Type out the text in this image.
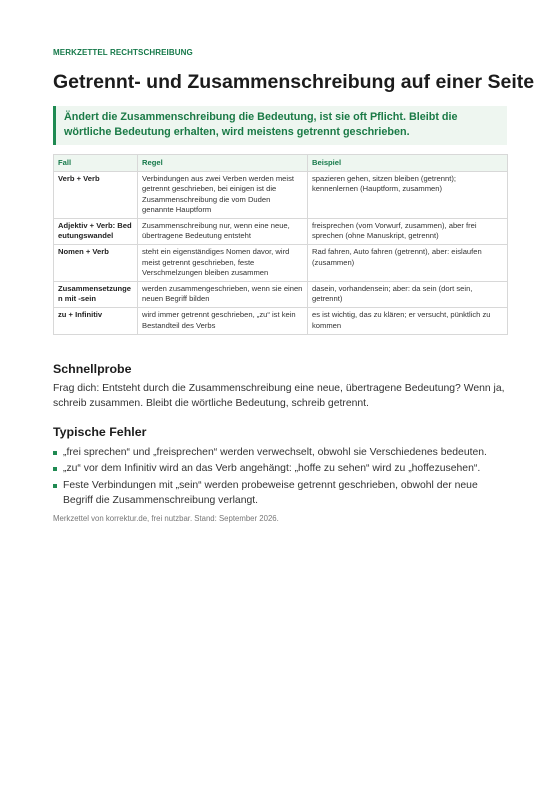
MERKZETTEL RECHTSCHREIBUNG
Getrennt- und Zusammenschreibung auf einer Seite
Ändert die Zusammenschreibung die Bedeutung, ist sie oft Pflicht. Bleibt die wörtliche Bedeutung erhalten, wird meistens getrennt geschrieben.
Fall	Regel	Beispiel
Verb + Verb	Verbindungen aus zwei Verben werden meist getrennt geschrieben, bei einigen ist die Zusammenschreibung die vom Duden genannte Hauptform	spazieren gehen, sitzen bleiben (getrennt); kennenlernen (Hauptform, zusammen)
Adjektiv + Verb: Bedeutungswandel	Zusammenschreibung nur, wenn eine neue, übertragene Bedeutung entsteht	freisprechen (vom Vorwurf, zusammen), aber frei sprechen (ohne Manuskript, getrennt)
Nomen + Verb	steht ein eigenständiges Nomen davor, wird meist getrennt geschrieben, feste Verschmelzungen bleiben zusammen	Rad fahren, Auto fahren (getrennt), aber: eislaufen (zusammen)
Zusammensetzungen mit -sein	werden zusammengeschrieben, wenn sie einen neuen Begriff bilden	dasein, vorhandensein; aber: da sein (dort sein, getrennt)
zu + Infinitiv	wird immer getrennt geschrieben, „zu“ ist kein Bestandteil des Verbs	es ist wichtig, das zu klären; er versucht, pünktlich zu kommen
Schnellprobe

Frag dich: Entsteht durch die Zusammenschreibung eine neue, übertragene Bedeutung? Wenn ja, schreib zusammen. Bleibt die wörtliche Bedeutung, schreib getrennt.

Typische Fehler
„frei sprechen“ und „freisprechen“ werden verwechselt, obwohl sie Verschiedenes bedeuten.
„zu“ vor dem Infinitiv wird an das Verb angehängt: „hoffe zu sehen“ wird zu „hoffezusehen“.
Feste Verbindungen mit „sein“ werden probeweise getrennt geschrieben, obwohl der neue Begriff die Zusammenschreibung verlangt.
Merkzettel von korrektur.de, frei nutzbar. Stand: September 2026.
